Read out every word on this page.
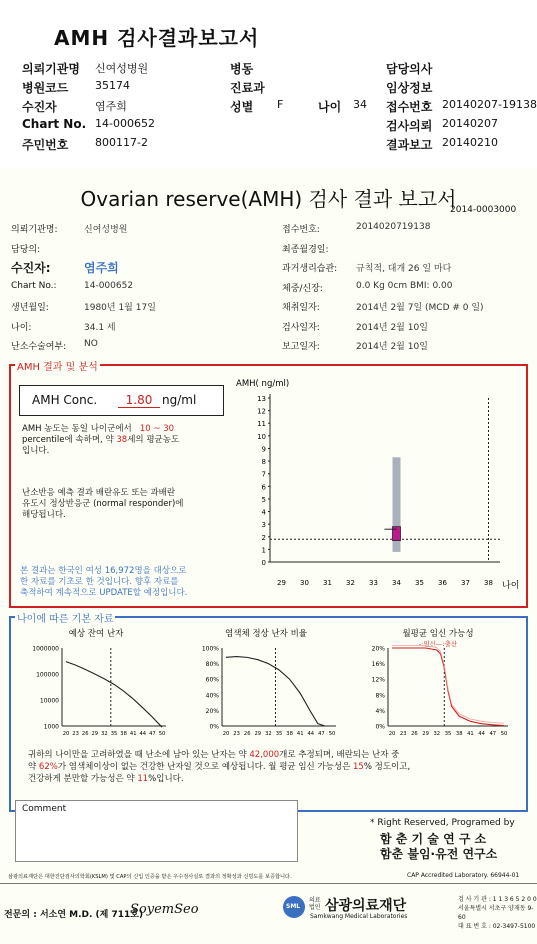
AMH 검사결과보고서
의뢰기관명 신여성병원	병동	담당의사
병원코드 35174	진료과	임상정보
수진자	염주희	성별 F	나이 34 접수번호 20140207-19138
Chart No. 14-000652	검사의뢰 20140207
주민번호 800117-2	결과보고 20140210
Ovarian reserve(AMH) 검사 결과 보고서
2014-0003000
의뢰기관명:	신여성병원
담당의:
수진자:	염주희
Chart No.:	14-000652
생년월일:	1980년 1월 17일
나이:	34.1 세
난소수술여부: NO
접수번호:	2014020719138
최종월경일:
과거생리습관: 규칙적, 대개 26 일 마다
체중/신장:	0.0 Kg 0cm BMI: 0.00
채취일자:	2014년 2월 7일 (MCD # 0 일)
검사일자:	2014년 2월 10일
보고일자:	2014년 2월 10일
AMH 결과 및 분석
AMH Conc.	1.80 ng/ml
AMH 농도는 동일 나이군에서 10 ~ 30
percentile에 속하며, 약 38세의 평균농도
입니다.
난소반응 예측 결과 배란유도 또는 과배란
유도시 정상반응군 (normal responder)에
해당됩니다.
본 결과는 한국인 여성 16,972명을 대상으로
한 자료를 기초로 한 것입니다. 향후 자료를
축적하여 계속적으로 UPDATE할 예정입니다.
AMH( ng/ml)
0
1
2
3
4
5
6
7
8
9
10
11
12
13
29 30 31 32 33 34 35 36 37 38 나이
나이에 따른 기본 자료
예상 잔여 난자
1000000
100000
10000
1000
20 23 26 29 32 35 38 41 44 47 50
염색체 정상 난자 비율
100%
80%
60%
40%
20%
0%
20 23 26 29 32 35 38 41 44 47 50
월평균 임신 가능성
-:임신—:출산
20%
16%
12%
8%
4%
0%
20 23 26 29 32 35 38 41 44 47 50
귀하의 나이만을 고려하였을 때 난소에 남아 있는 난자는 약 42,000개로 추정되며, 배란되는 난자 중
약 62%가 염색체이상이 없는 건강한 난자일 것으로 예상됩니다. 월 평균 임신 가능성은 15% 정도이고,
건강하게 분만할 가능성은 약 11%입니다.
Comment
* Right Reserved, Programed by
함 춘 기 술 연 구 소
함춘 불임·유전 연구소
삼광의료재단은 대한진단검사의학회(KSLM) 및 CAP의 신입 인증을 받은 우수검사실로 결과의 정확성과 신빙도를 보증합니다.	CAP Accredited Laboratory. 66944-01
전문의 : 서소연 M.D. (제 711호)
SoyemSeo	SML
의료 법인 삼광의료재단
Samkwang Medical Laboratories
검 사 기 관 : 1 1 3 6 5 2 0 0
서울특별시 서초구 양재동 9-60
대 표 번 호 : 02-3497-5100
